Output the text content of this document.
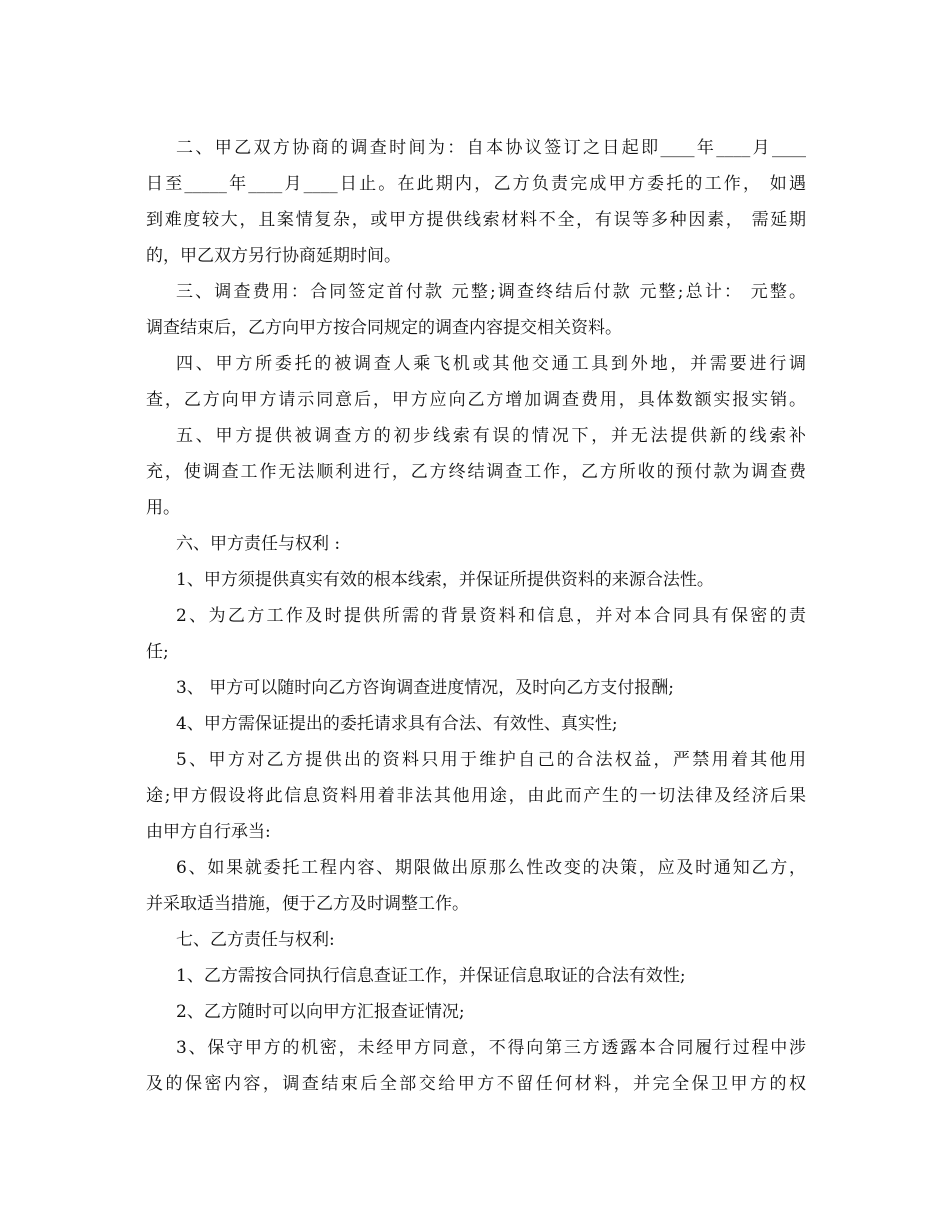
二、甲乙双方协商的调查时间为：自本协议签订之日起即____年____月____

日至_____年____月____日止。在此期内，乙方负责完成甲方委托的工作， 如遇

到难度较大，且案情复杂，或甲方提供线索材料不全，有误等多种因素， 需延期

的，甲乙双方另行协商延期时间。

三、调查费用：合同签定首付款 元整;调查终结后付款 元整;总计： 元整。

调查结束后，乙方向甲方按合同规定的调查内容提交相关资料。

四、甲方所委托的被调查人乘飞机或其他交通工具到外地，并需要进行调

查，乙方向甲方请示同意后，甲方应向乙方增加调查费用，具体数额实报实销。

五、甲方提供被调查方的初步线索有误的情况下，并无法提供新的线索补

充，使调查工作无法顺利进行，乙方终结调查工作，乙方所收的预付款为调查费

用。

六、甲方责任与权利 :

1、甲方须提供真实有效的根本线索，并保证所提供资料的来源合法性。

2、为乙方工作及时提供所需的背景资料和信息，并对本合同具有保密的责

任;

3、 甲方可以随时向乙方咨询调查进度情况，及时向乙方支付报酬;

4、甲方需保证提出的委托请求具有合法、有效性、真实性;

5、甲方对乙方提供出的资料只用于维护自己的合法权益，严禁用着其他用

途;甲方假设将此信息资料用着非法其他用途，由此而产生的一切法律及经济后果

由甲方自行承当:

6、如果就委托工程内容、期限做出原那么性改变的决策，应及时通知乙方，

并采取适当措施，便于乙方及时调整工作。

七、乙方责任与权利:

1、乙方需按合同执行信息查证工作，并保证信息取证的合法有效性;

2、乙方随时可以向甲方汇报查证情况;

3、保守甲方的机密，未经甲方同意，不得向第三方透露本合同履行过程中涉

及的保密内容，调查结束后全部交给甲方不留任何材料，并完全保卫甲方的权
